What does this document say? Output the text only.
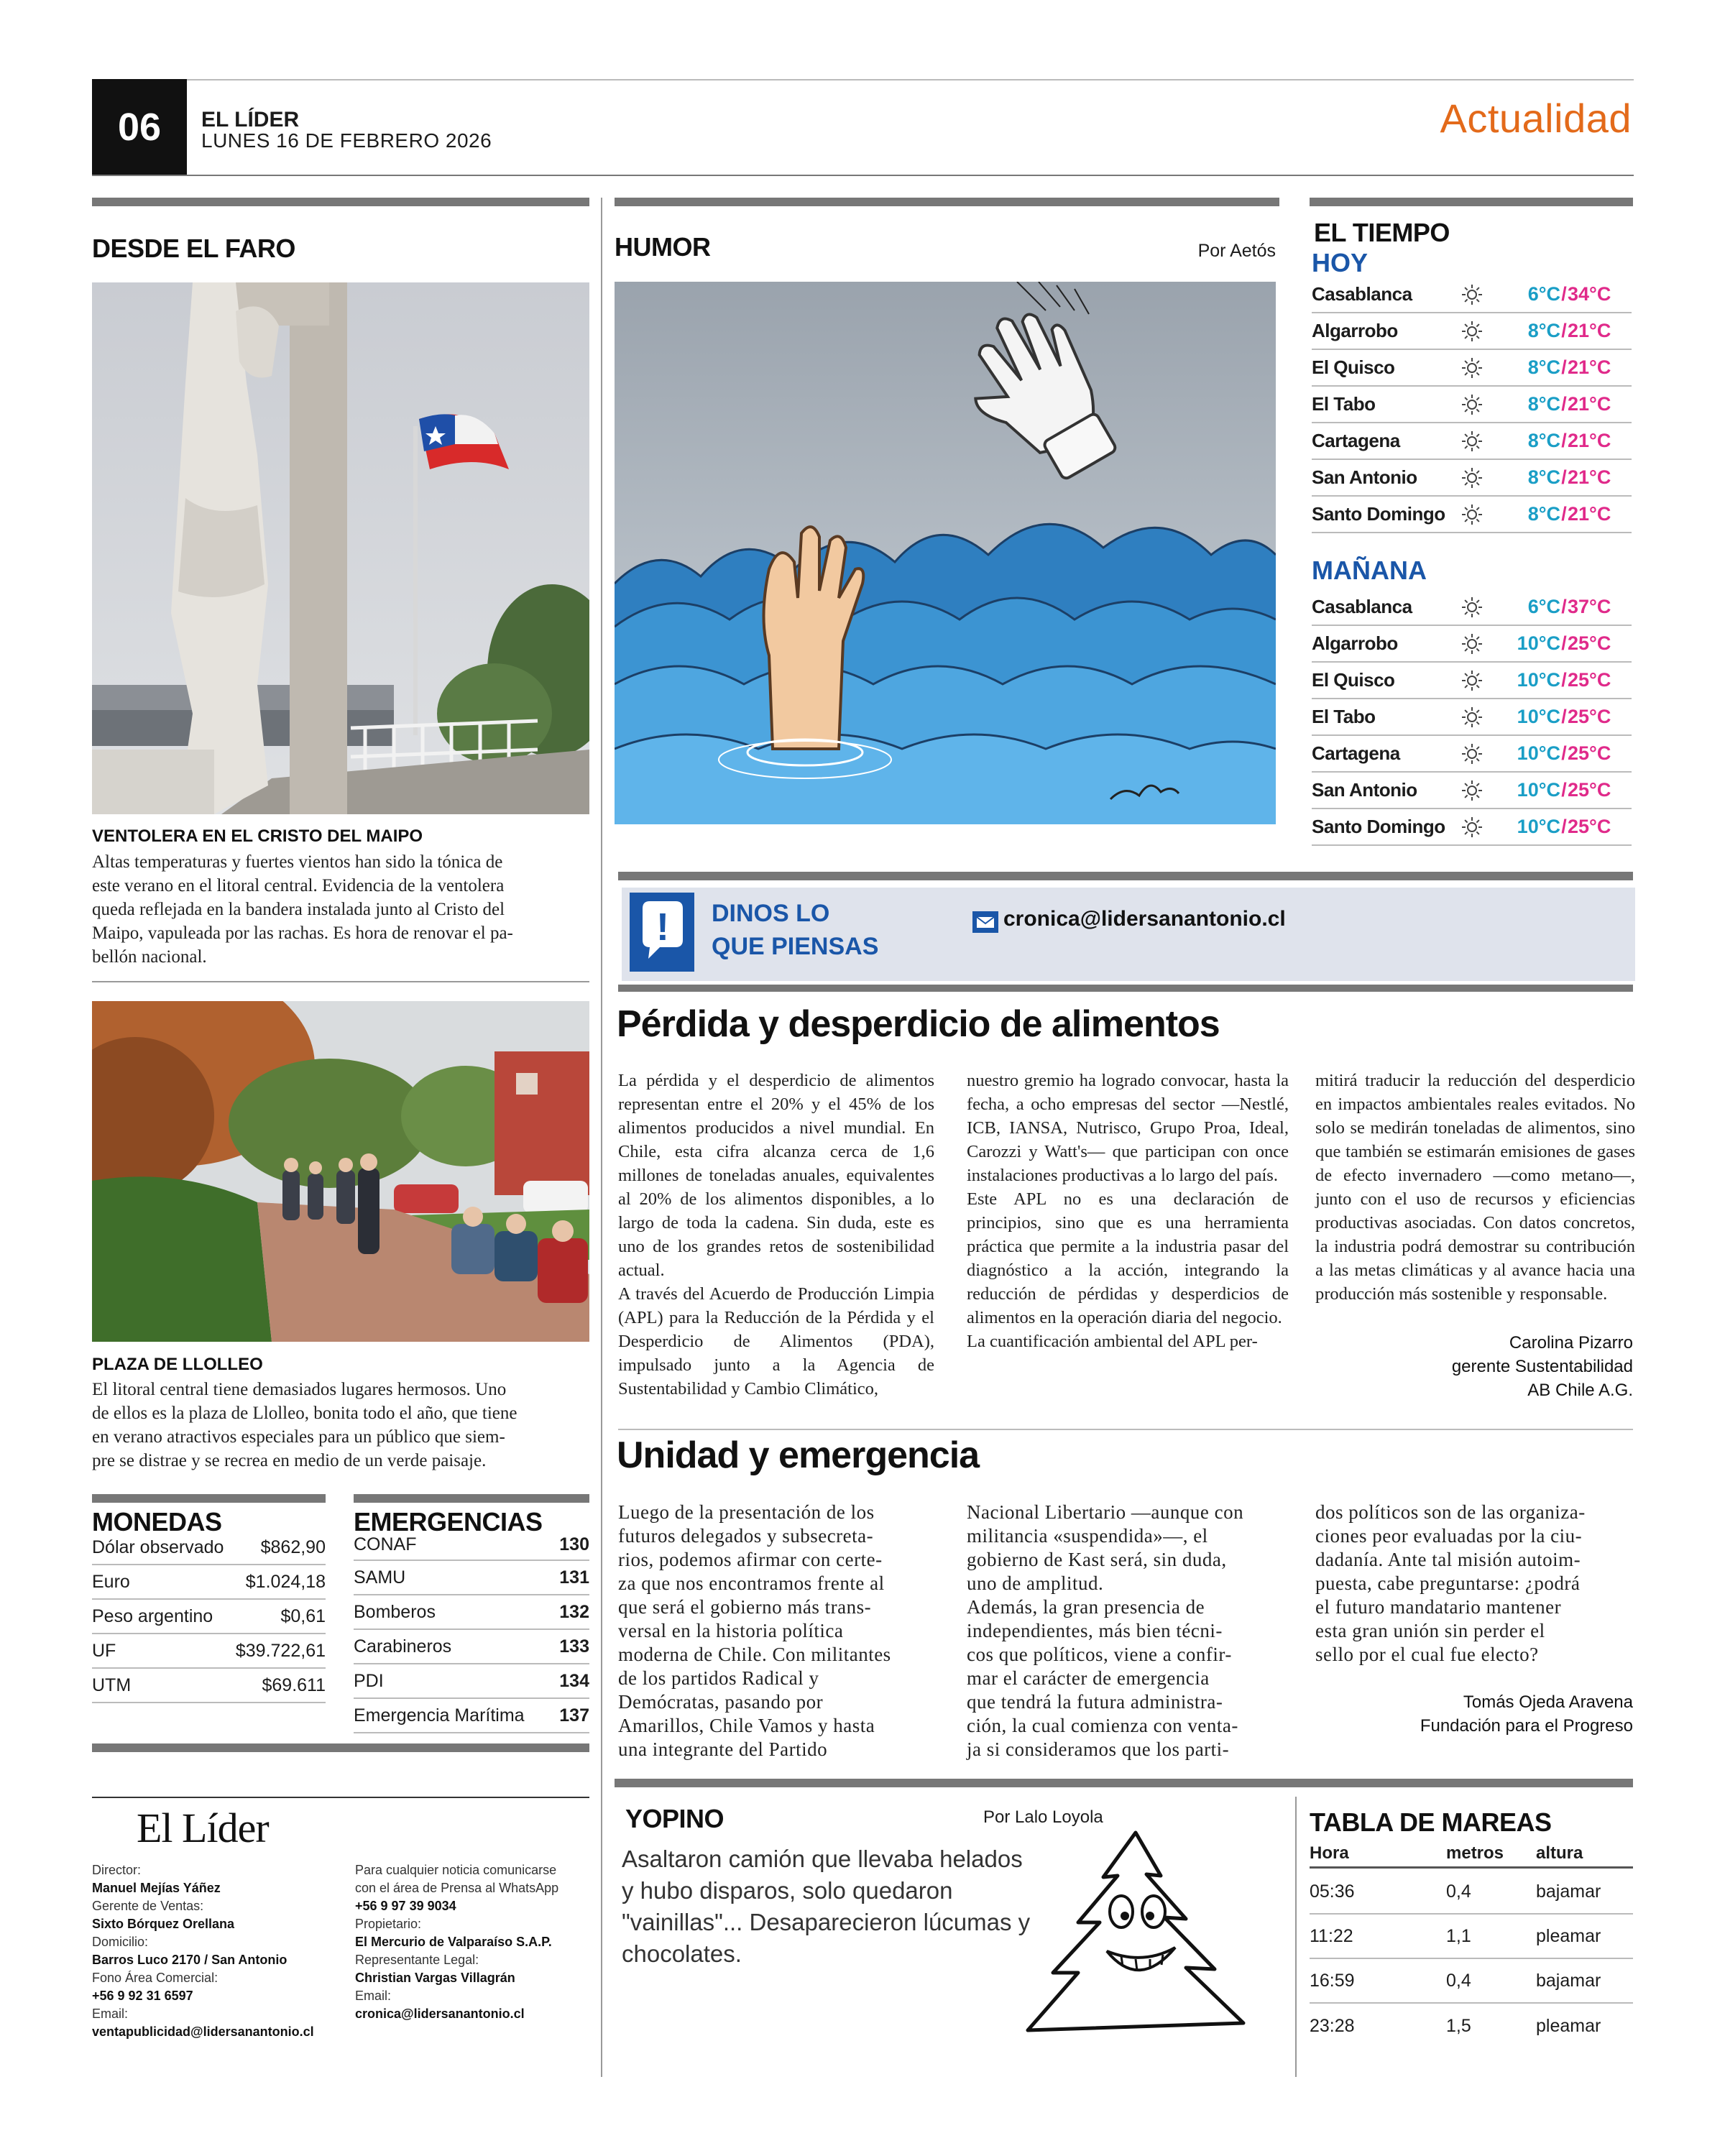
06	EL LÍDER
LUNES 16 DE FEBRERO 2026	Actualidad
DESDE EL FARO
VENTOLERA EN EL CRISTO DEL MAIPO
Altas temperaturas y fuertes vientos han sido la tónica de
este verano en el litoral central. Evidencia de la ventolera
queda reflejada en la bandera instalada junto al Cristo del
Maipo, vapuleada por las rachas. Es hora de renovar el pa-
bellón nacional.
PLAZA DE LLOLLEO
El litoral central tiene demasiados lugares hermosos. Uno
de ellos es la plaza de Llolleo, bonita todo el año, que tiene
en verano atractivos especiales para un público que siem-
pre se distrae y se recrea en medio de un verde paisaje.
MONEDAS
Dólar observado $862,90
Euro	$1.024,18
Peso argentino	$0,61
UF	$39.722,61
UTM	$69.611
EMERGENCIAS
CONAF	130
SAMU	131
Bomberos	132
Carabineros	133
PDI	134
Emergencia Marítima 137
El Líder
Director:
Manuel Mejías Yáñez
Gerente de Ventas:
Sixto Bórquez Orellana
Domicilio:
Barros Luco 2170 / San Antonio
Fono Área Comercial:
+56 9 92 31 6597
Email:
ventapublicidad@lidersanantonio.cl
Para cualquier noticia comunicarse
con el área de Prensa al WhatsApp
+56 9 97 39 9034
Propietario:
El Mercurio de Valparaíso S.A.P.
Representante Legal:
Christian Vargas Villagrán
Email:
cronica@lidersanantonio.cl
HUMOR	Por Aetós
EL TIEMPO
HOY
Casablanca	6°C / 34°C
Algarrobo	8°C / 21°C
El Quisco	8°C / 21°C
El Tabo	8°C / 21°C
Cartagena	8°C / 21°C
San Antonio	8°C / 21°C
Santo Domingo	8°C / 21°C
MAÑANA
Casablanca	6°C / 37°C
Algarrobo	10°C / 25°C
El Quisco	10°C / 25°C
El Tabo	10°C / 25°C
Cartagena	10°C / 25°C
San Antonio	10°C / 25°C
Santo Domingo	10°C / 25°C
! DINOS LO
QUE PIENSAS
cronica@lidersanantonio.cl
Pérdida y desperdicio de alimentos

La pérdida y el desperdicio de alimentos representan entre el 20% y el 45% de los alimentos producidos a nivel mundial. En Chile, esta cifra alcanza cerca de 1,6 millones de toneladas anuales, equivalentes al 20% de los alimentos disponibles, a lo largo de toda la cadena. Sin duda, este es uno de los grandes retos de sostenibilidad actual.

A través del Acuerdo de Producción Limpia (APL) para la Reducción de la Pérdida y el Desperdicio de Alimentos (PDA), impulsado junto a la Agencia de Sustentabilidad y Cambio Climático,

nuestro gremio ha logrado convocar, hasta la fecha, a ocho empresas del sector —Nestlé, ICB, IANSA, Nutrisco, Grupo Proa, Ideal, Carozzi y Watt's— que participan con once instalaciones productivas a lo largo del país.

Este APL no es una declaración de principios, sino que es una herramienta práctica que permite a la industria pasar del diagnóstico a la acción, integrando la reducción de pérdidas y desperdicios de alimentos en la operación diaria del negocio.

La cuantificación ambiental del APL per-

mitirá traducir la reducción del desperdicio en impactos ambientales reales evitados. No solo se medirán toneladas de alimentos, sino que también se estimarán emisiones de gases de efecto invernadero —como metano—, junto con el uso de recursos y eficiencias productivas asociadas. Con datos concretos, la industria podrá demostrar su contribución a las metas climáticas y al avance hacia una producción más sostenible y responsable.

Carolina Pizarro
gerente Sustentabilidad
AB Chile A.G.
Unidad y emergencia
Luego de la presentación de los
futuros delegados y subsecreta-
rios, podemos afirmar con certe-
za que nos encontramos frente al
que será el gobierno más trans-
versal en la historia política
moderna de Chile. Con militantes
de los partidos Radical y
Demócratas, pasando por
Amarillos, Chile Vamos y hasta
una integrante del Partido
Nacional Libertario —aunque con
militancia «suspendida»—, el
gobierno de Kast será, sin duda,
uno de amplitud.
Además, la gran presencia de
independientes, más bien técni-
cos que políticos, viene a confir-
mar el carácter de emergencia
que tendrá la futura administra-
ción, la cual comienza con venta-
ja si consideramos que los parti-
dos políticos son de las organiza-
ciones peor evaluadas por la ciu-
dadanía. Ante tal misión autoim-
puesta, cabe preguntarse: ¿podrá
el futuro mandatario mantener
esta gran unión sin perder el
sello por el cual fue electo?
Tomás Ojeda Aravena
Fundación para el Progreso
YOPINO	Por Lalo Loyola
Asaltaron camión que llevaba helados y hubo disparos, solo quedaron "vainillas"... Desaparecieron lúcumas y chocolates.
TABLA DE MAREAS
Hora	metros	altura
05:36	0,4	bajamar
11:22	1,1	pleamar
16:59	0,4	bajamar
23:28	1,5	pleamar
